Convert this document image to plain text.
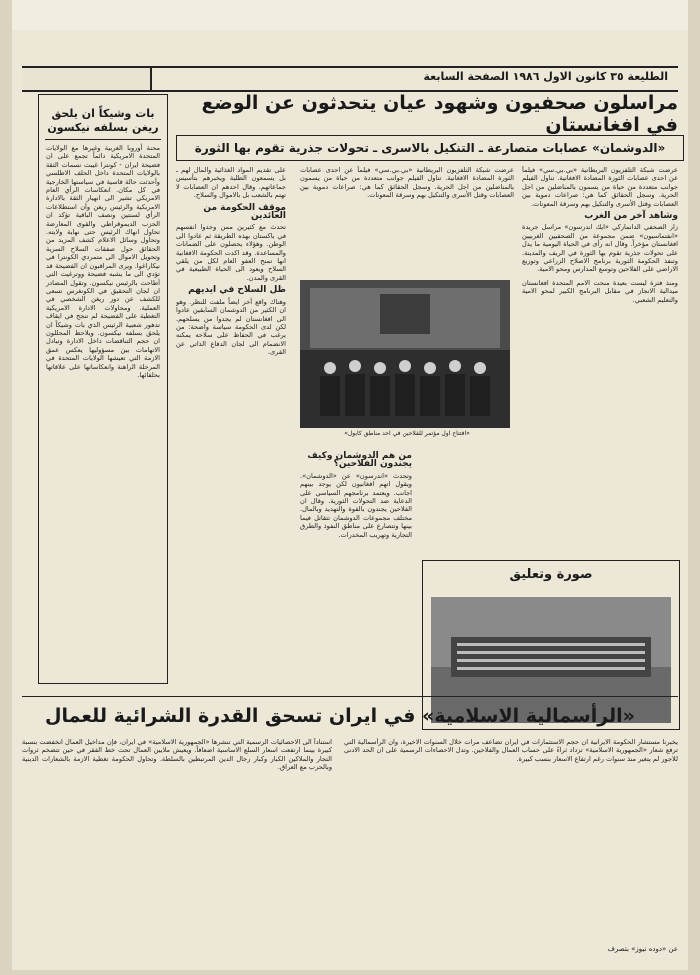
الطليعة ٣٥ كانون الاول ١٩٨٦ الصفحة السابعة
بات وشيكاً ان يلحق ريغن بسلفه نيكسون
محنة أوروبا الغربية وغيرها مع الولايات المتحدة الامريكية دائماً تجمع على ان فضيحة ايران - كونترا غيبت نسمات الثقة بالولايات المتحدة داخل الحلف الاطلسي وأحدثت حالة قاسية في سياستها الخارجية في كل مكان. انعكاسات الرأي العام الامريكي تشير الى انهيار الثقة بالادارة الامريكية والرئيس ريغن وأن استطلاعات الرأي لسنتين ونصف الباقية تؤكد ان الحزب الديموقراطي والقوى المعارضة تحاول انهاك الرئيس حتى نهاية ولايته. وتحاول وسائل الاعلام كشف المزيد من الحقائق حول صفقات السلاح السرية وتحويل الاموال الى متمردي الكونترا في نيكاراغوا. ويرى المراقبون ان الفضيحة قد تؤدي الى ما يشبه فضيحة ووترغيت التي أطاحت بالرئيس نيكسون. وتقول المصادر ان لجان التحقيق في الكونغرس تسعى للكشف عن دور ريغن الشخصي في العملية. ومحاولات الادارة الامريكية التغطية على الفضيحة لم تنجح في ايقاف تدهور شعبية الرئيس الذي بات وشيكاً ان يلحق بسلفه نيكسون. ويلاحظ المحللون ان حجم التناقضات داخل الادارة وتبادل الاتهامات بين مسؤوليها يعكس عمق الازمة التي تعيشها الولايات المتحدة في المرحلة الراهنة وانعكاساتها على علاقاتها بحلفائها.
مراسلون صحفيون وشهود عيان يتحدثون عن الوضع في افغانستان
«الدوشمان» عصابات متصارعة ـ التنكيل بالاسرى ـ تحولات جذرية تقوم بها الثورة
عرضت شبكة التلفزيون البريطانية «بي.بي.سي» فيلماً عن احدى عصابات الثورة المضادة الافغانية. تناول الفيلم جوانب متعددة من حياة من يسمون بالمناضلين من اجل الحرية. وسجل الحقائق كما هي: صراعات دموية بين العصابات وقتل الأسرى والتنكيل بهم وسرقة المعونات.
وشاهد آخر من الغرب
زار الصحفي الدانماركي «ايك اندرسون» مراسل جريدة «انفتماسيون» ضمن مجموعة من الصحفيين الغربيين افغانستان مؤخراً. وقال انه رأى في الحياة اليومية ما يدل على تحولات جذرية تقوم بها الثورة في الريف والمدينة. وتنفذ الحكومة الثورية برنامج الاصلاح الزراعي وتوزيع الاراضي على الفلاحين وتوسع المدارس ومحو الامية.
ومنذ فترة ليست بعيدة منحت الامم المتحدة افغانستان ميدالية الانجاز في مقابل البرنامج الكبير لمحو الامية والتعليم الشعبي.
على تقديم المواد الغذائية والمال لهم ـ بل يسمعون الطلبة ويخبرهم بتأسيس جماعاتهم. وقال احدهم ان العصابات لا تهتم بالشعب بل بالاموال والسلاح.
موقف الحكومة من العائدين
تحدث مع كثيرين ممن وجدوا انفسهم في باكستان بهذه الطريقة ثم عادوا الى الوطن. وهؤلاء يحصلون على الضمانات والمساعدة. وقد اكدت الحكومة الافغانية انها تمنح العفو العام لكل من يلقي السلاح ويعود الى الحياة الطبيعية في القرى والمدن.
ظل السلاح في ايديهم
وهناك واقع آخر ايضاً ملفت للنظر. وهو ان الكثير من الدوشمان السابقين عادوا الى افغانستان لم يجدوا من يسلحهم. لكن لدى الحكومة سياسة واضحة: من يرغب في الحفاظ على سلاحه يمكنه الانضمام الى لجان الدفاع الذاتي عن القرى.
عرضت شبكة التلفزيون البريطانية «بي.بي.سي» فيلماً عن احدى عصابات الثورة المضادة الافغانية. تناول الفيلم جوانب متعددة من حياة من يسمون بالمناضلين من اجل الحرية. وسجل الحقائق كما هي: صراعات دموية بين العصابات وقتل الأسرى والتنكيل بهم وسرقة المعونات.
«افتتاح اول مؤتمر للفلاحين في احد مناطق كابول»
من هم الدوشمان وكيف يجندون الفلاحين؟
وتحدث «اندرسون» عن «الدوشمان». ويقول انهم افغانيون لكن يوجد بينهم اجانب. ويعتمد برنامجهم السياسي على الدعاية ضد التحولات الثورية. وقال ان الفلاحين يجندون بالقوة والتهديد وبالمال. مختلف مجموعات الدوشمان تتقاتل فيما بينها وتتصارع على مناطق النفوذ والطرق التجارية وتهريب المخدرات.
صورة وتعليق
«الرأسمالية الاسلامية» في ايران تسحق القدرة الشرائية للعمال
يخبرنا مستشار الحكومة الايرانية ان حجم الاستثمارات في ايران تضاعف مرات خلال السنوات الاخيرة، وان الرأسمالية التي ترفع شعار «الجمهورية الاسلامية» تزداد ثراءً على حساب العمال والفلاحين. وتدل الاحصاءات الرسمية على ان الحد الادنى للاجور لم يتغير منذ سنوات رغم ارتفاع الاسعار بنسب كبيرة.
استناداً الى الاحصائيات الرسمية التي تنشرها «الجمهورية الاسلامية» في ايران، فإن مداخيل العمال انخفضت بنسبة كبيرة بينما ارتفعت اسعار السلع الاساسية اضعافاً. ويعيش ملايين العمال تحت خط الفقر في حين تتضخم ثروات التجار والملاكين الكبار وكبار رجال الدين المرتبطين بالسلطة. وتحاول الحكومة تغطية الازمة بالشعارات الدينية وبالحرب مع العراق.
عن «دوده نيوز» بتصرف
